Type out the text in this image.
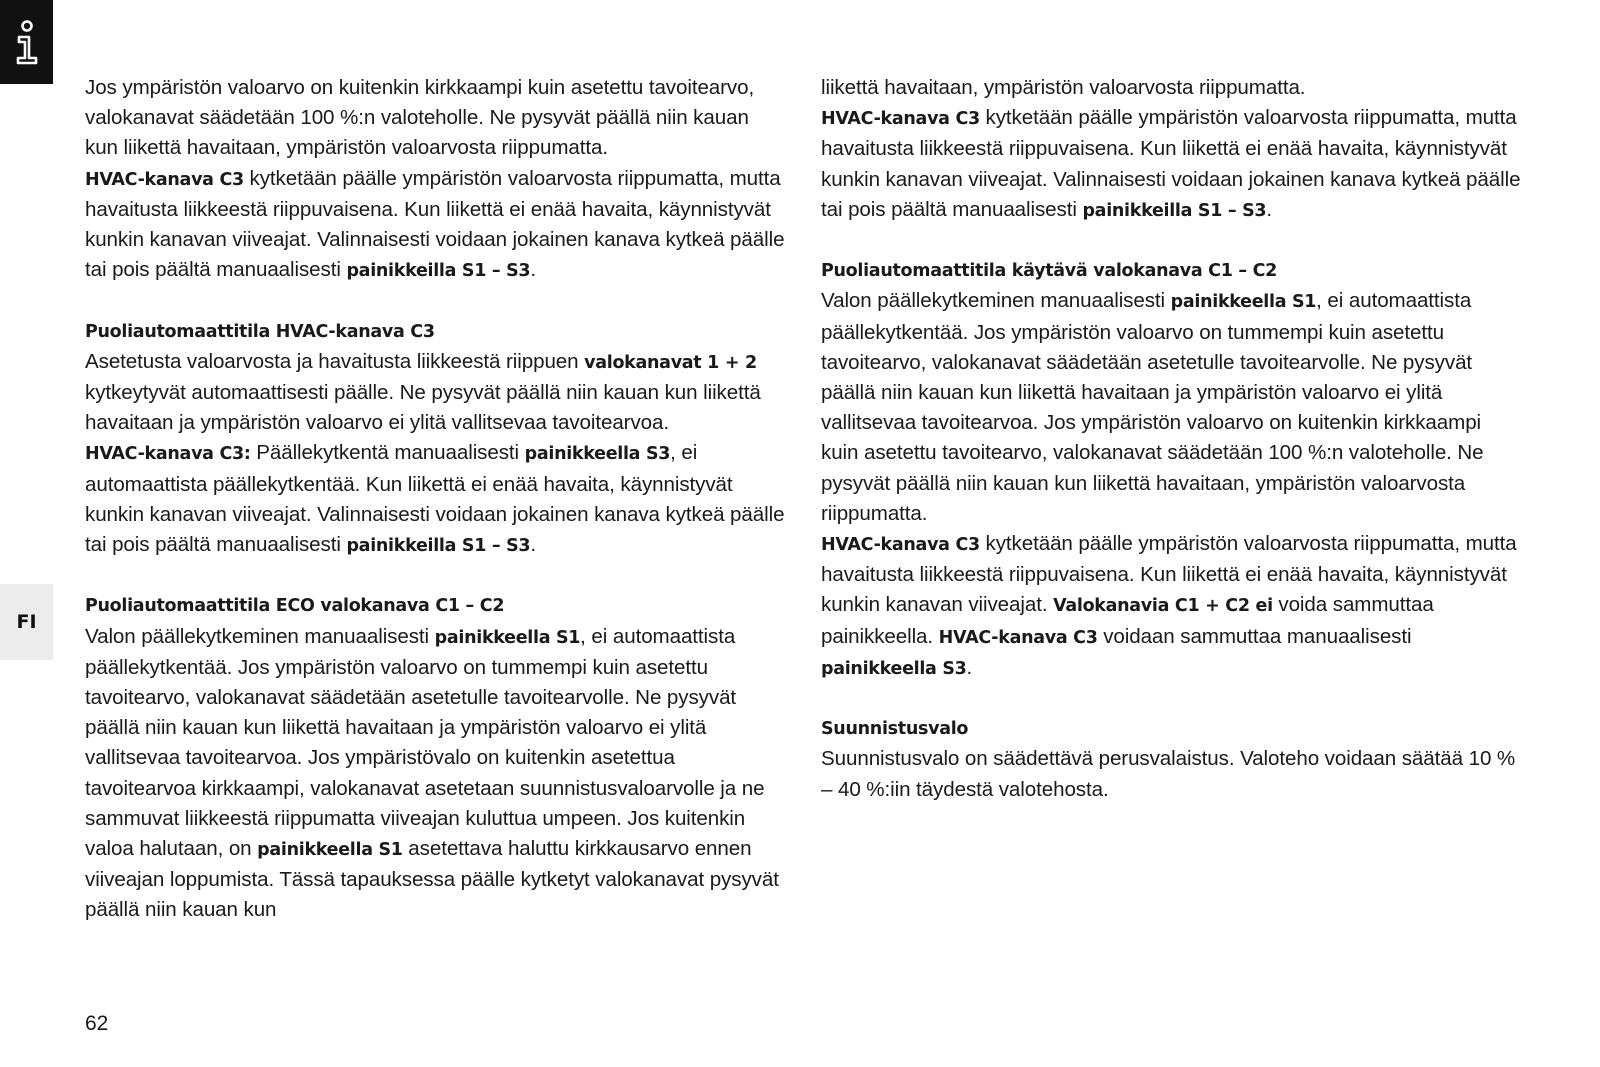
FI

Jos ympäristön valoarvo on kuitenkin kirkkaampi kuin asetettu tavoitearvo, valokanavat säädetään 100 %:n valoteholle. Ne pysyvät päällä niin kauan kun liikettä havaitaan, ympäristön valoarvosta riippumatta.

HVAC-kanava C3 kytketään päälle ympäristön valoarvosta riippumatta, mutta havaitusta liikkeestä riippuvaisena. Kun liikettä ei enää havaita, käynnistyvät kunkin kanavan viiveajat. Valinnaisesti voidaan jokainen kanava kytkeä päälle tai pois päältä manuaalisesti painikkeilla S1 – S3.

Puoliautomaattitila HVAC-kanava C3

Asetetusta valoarvosta ja havaitusta liikkeestä riippuen valokanavat 1 + 2 kytkeytyvät automaattisesti päälle. Ne pysyvät päällä niin kauan kun liikettä havaitaan ja ympäristön valoarvo ei ylitä vallitsevaa tavoitearvoa.

HVAC-kanava C3: Päällekytkentä manuaalisesti painikkeella S3, ei automaattista päällekytkentää. Kun liikettä ei enää havaita, käynnistyvät kunkin kanavan viiveajat. Valinnaisesti voidaan jokainen kanava kytkeä päälle tai pois päältä manuaalisesti painikkeilla S1 – S3.

Puoliautomaattitila ECO valokanava C1 – C2

Valon päällekytkeminen manuaalisesti painikkeella S1, ei automaattista päällekytkentää. Jos ympäristön valoarvo on tummempi kuin asetettu tavoitearvo, valokanavat säädetään asetetulle tavoitearvolle. Ne pysyvät päällä niin kauan kun liikettä havaitaan ja ympäristön valoarvo ei ylitä vallitsevaa tavoitearvoa. Jos ympäristövalo on kuitenkin asetettua tavoitearvoa kirkkaampi, valokanavat asetetaan suunnistusvaloarvolle ja ne sammuvat liikkeestä riippumatta viiveajan kuluttua umpeen. Jos kuitenkin valoa halutaan, on painikkeella S1 asetettava haluttu kirkkausarvo ennen viiveajan loppumista. Tässä tapauksessa päälle kytketyt valokanavat pysyvät päällä niin kauan kun

liikettä havaitaan, ympäristön valoarvosta riippumatta.

HVAC-kanava C3 kytketään päälle ympäristön valoarvosta riippumatta, mutta havaitusta liikkeestä riippuvaisena. Kun liikettä ei enää havaita, käynnistyvät kunkin kanavan viiveajat. Valinnaisesti voidaan jokainen kanava kytkeä päälle tai pois päältä manuaalisesti painikkeilla S1 – S3.

Puoliautomaattitila käytävä valokanava C1 – C2

Valon päällekytkeminen manuaalisesti painikkeella S1, ei automaattista päällekytkentää. Jos ympäristön valoarvo on tummempi kuin asetettu tavoitearvo, valokanavat säädetään asetetulle tavoitearvolle. Ne pysyvät päällä niin kauan kun liikettä havaitaan ja ympäristön valoarvo ei ylitä vallitsevaa tavoitearvoa. Jos ympäristön valoarvo on kuitenkin kirkkaampi kuin asetettu tavoitearvo, valokanavat säädetään 100 %:n valoteholle. Ne pysyvät päällä niin kauan kun liikettä havaitaan, ympäristön valoarvosta riippumatta.

HVAC-kanava C3 kytketään päälle ympäristön valoarvosta riippumatta, mutta havaitusta liikkeestä riippuvaisena. Kun liikettä ei enää havaita, käynnistyvät kunkin kanavan viiveajat. Valokanavia C1 + C2 ei voida sammuttaa painikkeella. HVAC-kanava C3 voidaan sammuttaa manuaalisesti painikkeella S3.

Suunnistusvalo

Suunnistusvalo on säädettävä perusvalaistus. Valoteho voidaan säätää 10 % – 40 %:iin täydestä valotehosta.

62
